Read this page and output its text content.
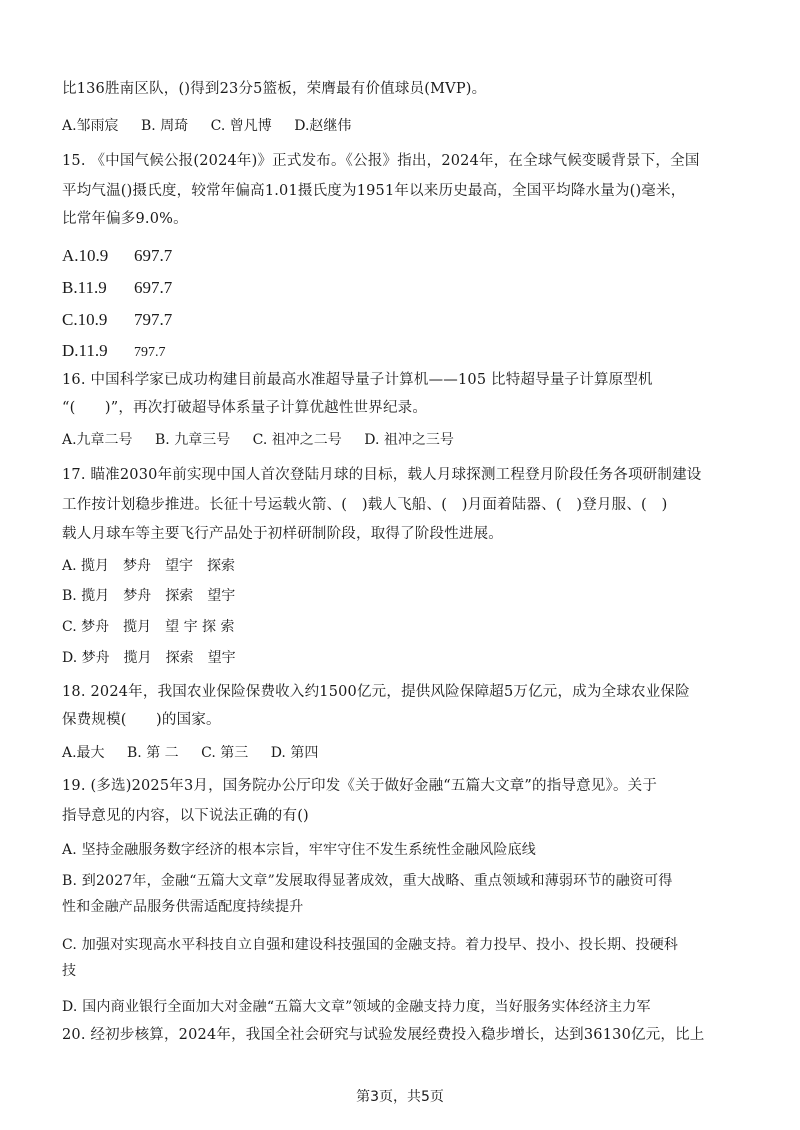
比136胜南区队，()得到23分5篮板，荣膺最有价值球员(MVP)。
A.邹雨宸 B. 周琦 C. 曾凡博 D.赵继伟
15. 《中国气候公报(2024年)》正式发布。《公报》指出，2024年，在全球气候变暖背景下，全国
平均气温()摄氏度，较常年偏高1.01摄氏度为1951年以来历史最高，全国平均降水量为()毫米，
比常年偏多9.0%。
A.10.9 697.7
B.11.9 697.7
C.10.9 797.7
D.11.9 797.7
16. 中国科学家已成功构建目前最高水准超导量子计算机——105 比特超导量子计算原型机
“(　　)”，再次打破超导体系量子计算优越性世界纪录。
A.九章二号 B. 九章三号 C. 祖冲之二号 D. 祖冲之三号
17. 瞄准2030年前实现中国人首次登陆月球的目标，载人月球探测工程登月阶段任务各项研制建设
工作按计划稳步推进。长征十号运载火箭、(　)载人飞船、(　)月面着陆器、(　)登月服、(　)
载人月球车等主要飞行产品处于初样研制阶段，取得了阶段性进展。
A. 揽月　梦舟　望宇　探索
B. 揽月　梦舟　探索　望宇
C. 梦舟　揽月　望 宇 探 索
D. 梦舟　揽月　探索　望宇
18. 2024年，我国农业保险保费收入约1500亿元，提供风险保障超5万亿元，成为全球农业保险
保费规模(　　)的国家。
A.最大 B. 第 二 C. 第三 D. 第四
19. (多选)2025年3月，国务院办公厅印发《关于做好金融“五篇大文章”的指导意见》。关于
指导意见的内容，以下说法正确的有()
A. 坚持金融服务数字经济的根本宗旨，牢牢守住不发生系统性金融风险底线
B. 到2027年，金融“五篇大文章”发展取得显著成效，重大战略、重点领域和薄弱环节的融资可得
性和金融产品服务供需适配度持续提升
C. 加强对实现高水平科技自立自强和建设科技强国的金融支持。着力投早、投小、投长期、投硬科
技
D. 国内商业银行全面加大对金融“五篇大文章”领域的金融支持力度，当好服务实体经济主力军
20. 经初步核算，2024年，我国全社会研究与试验发展经费投入稳步增长，达到36130亿元，比上
第3页，共5页
